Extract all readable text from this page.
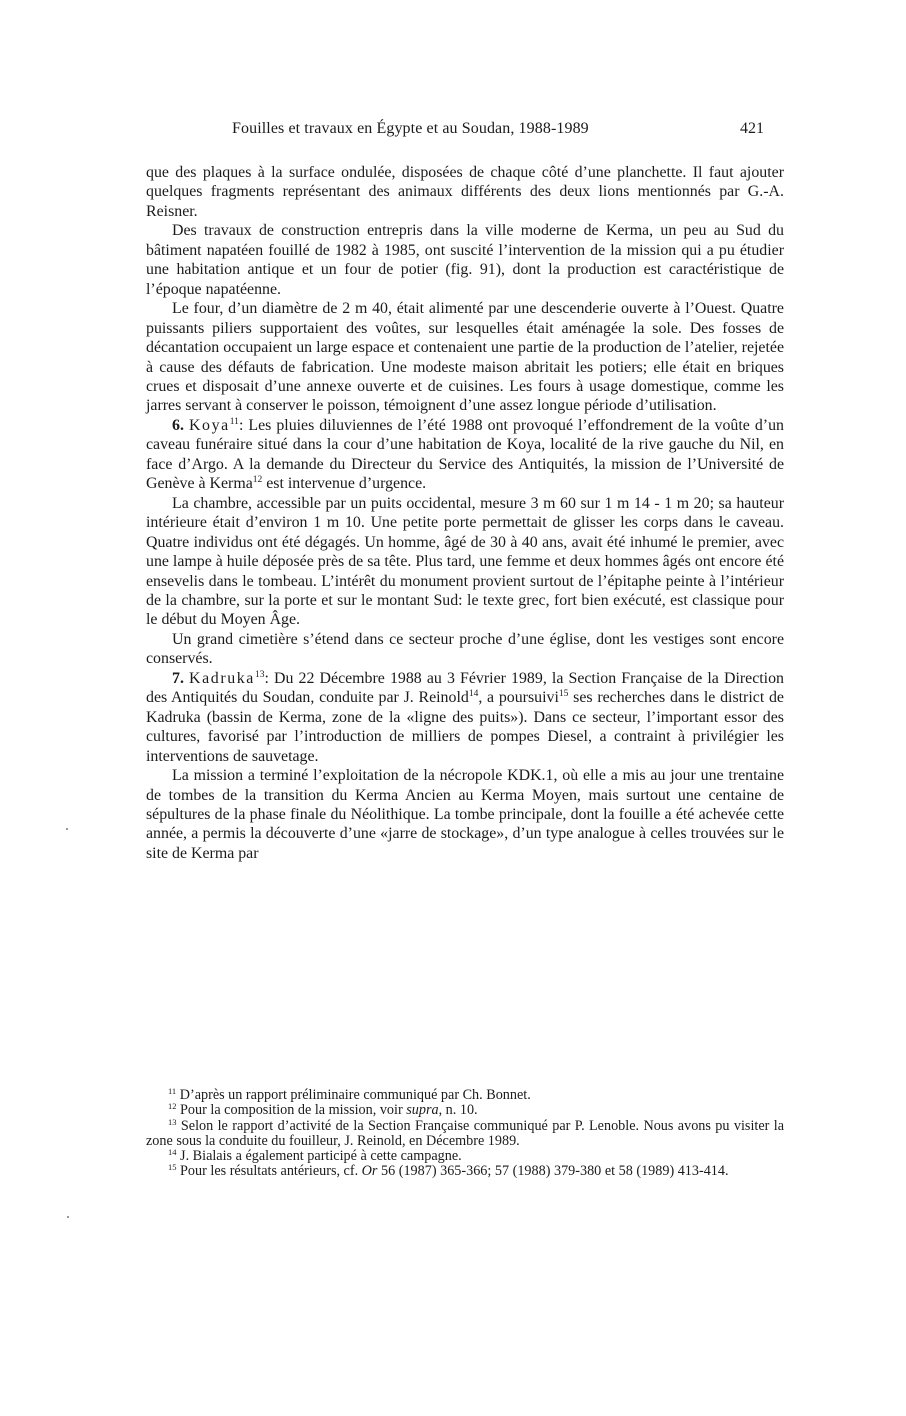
Fouilles et travaux en Égypte et au Soudan, 1988-1989	421

que des plaques à la surface ondulée, disposées de chaque côté d’une planchette. Il faut ajouter quelques fragments représentant des animaux différents des deux lions mentionnés par G.-A. Reisner.

Des travaux de construction entrepris dans la ville moderne de Kerma, un peu au Sud du bâtiment napatéen fouillé de 1982 à 1985, ont suscité l’intervention de la mission qui a pu étudier une habitation antique et un four de potier (fig. 91), dont la production est caractéristique de l’époque napatéenne.

Le four, d’un diamètre de 2 m 40, était alimenté par une descenderie ouverte à l’Ouest. Quatre puissants piliers supportaient des voûtes, sur lesquelles était aménagée la sole. Des fosses de décantation occupaient un large espace et contenaient une partie de la production de l’atelier, rejetée à cause des défauts de fabrication. Une modeste maison abritait les potiers; elle était en briques crues et disposait d’une annexe ouverte et de cuisines. Les fours à usage domestique, comme les jarres servant à conserver le poisson, témoignent d’une assez longue période d’utilisation.

6. Koya$^{11}$: Les pluies diluviennes de l’été 1988 ont provoqué l’effondrement de la voûte d’un caveau funéraire situé dans la cour d’une habitation de Koya, localité de la rive gauche du Nil, en face d’Argo. A la demande du Directeur du Service des Antiquités, la mission de l’Université de Genève à Kerma$^{12}$ est intervenue d’urgence.

La chambre, accessible par un puits occidental, mesure 3 m 60 sur 1 m 14 - 1 m 20; sa hauteur intérieure était d’environ 1 m 10. Une petite porte permettait de glisser les corps dans le caveau. Quatre individus ont été dégagés. Un homme, âgé de 30 à 40 ans, avait été inhumé le premier, avec une lampe à huile déposée près de sa tête. Plus tard, une femme et deux hommes âgés ont encore été ensevelis dans le tombeau. L’intérêt du monument provient surtout de l’épitaphe peinte à l’intérieur de la chambre, sur la porte et sur le montant Sud: le texte grec, fort bien exécuté, est classique pour le début du Moyen Âge.

Un grand cimetière s’étend dans ce secteur proche d’une église, dont les vestiges sont encore conservés.

7. Kadruka$^{13}$: Du 22 Décembre 1988 au 3 Février 1989, la Section Française de la Direction des Antiquités du Soudan, conduite par J. Reinold$^{14}$, a poursuivi$^{15}$ ses recherches dans le district de Kadruka (bassin de Kerma, zone de la «ligne des puits»). Dans ce secteur, l’important essor des cultures, favorisé par l’introduction de milliers de pompes Diesel, a contraint à privilégier les interventions de sauvetage.

La mission a terminé l’exploitation de la nécropole KDK.1, où elle a mis au jour une trentaine de tombes de la transition du Kerma Ancien au Kerma Moyen, mais surtout une centaine de sépultures de la phase finale du Néolithique. La tombe principale, dont la fouille a été achevée cette année, a permis la découverte d’une «jarre de stockage», d’un type analogue à celles trouvées sur le site de Kerma par

$^{11}$ D’après un rapport préliminaire communiqué par Ch. Bonnet.

$^{12}$ Pour la composition de la mission, voir supra, n. 10.

$^{13}$ Selon le rapport d’activité de la Section Française communiqué par P. Lenoble. Nous avons pu visiter la zone sous la conduite du fouilleur, J. Reinold, en Décembre 1989.

$^{14}$ J. Bialais a également participé à cette campagne.

$^{15}$ Pour les résultats antérieurs, cf. Or 56 (1987) 365-366; 57 (1988) 379-380 et 58 (1989) 413-414.
